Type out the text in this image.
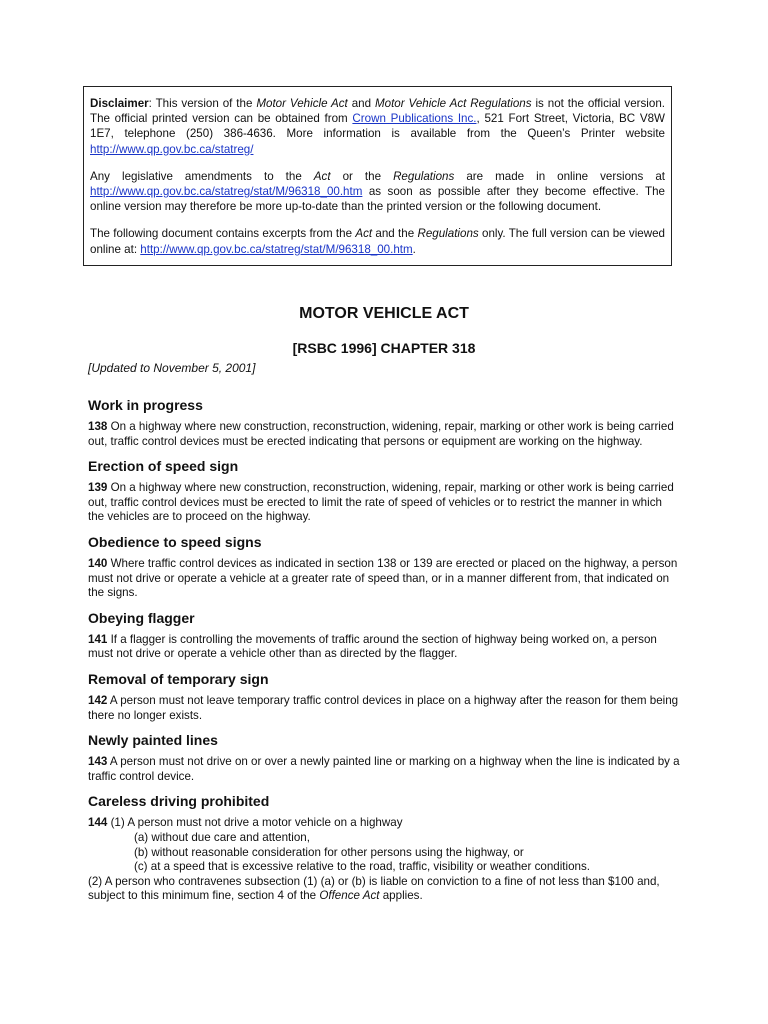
Disclaimer: This version of the Motor Vehicle Act and Motor Vehicle Act Regulations is not the official version. The official printed version can be obtained from Crown Publications Inc., 521 Fort Street, Victoria, BC V8W 1E7, telephone (250) 386-4636. More information is available from the Queen’s Printer website http://www.qp.gov.bc.ca/statreg/

Any legislative amendments to the Act or the Regulations are made in online versions at http://www.qp.gov.bc.ca/statreg/stat/M/96318_00.htm as soon as possible after they become effective. The online version may therefore be more up-to-date than the printed version or the following document.

The following document contains excerpts from the Act and the Regulations only. The full version can be viewed online at: http://www.qp.gov.bc.ca/statreg/stat/M/96318_00.htm.

MOTOR VEHICLE ACT
[RSBC 1996] CHAPTER 318
[Updated to November 5, 2001]
Work in progress

138 On a highway where new construction, reconstruction, widening, repair, marking or other work is being carried out, traffic control devices must be erected indicating that persons or equipment are working on the highway.

Erection of speed sign

139 On a highway where new construction, reconstruction, widening, repair, marking or other work is being carried out, traffic control devices must be erected to limit the rate of speed of vehicles or to restrict the manner in which the vehicles are to proceed on the highway.

Obedience to speed signs

140 Where traffic control devices as indicated in section 138 or 139 are erected or placed on the highway, a person must not drive or operate a vehicle at a greater rate of speed than, or in a manner different from, that indicated on the signs.

Obeying flagger

141 If a flagger is controlling the movements of traffic around the section of highway being worked on, a person must not drive or operate a vehicle other than as directed by the flagger.

Removal of temporary sign

142 A person must not leave temporary traffic control devices in place on a highway after the reason for them being there no longer exists.

Newly painted lines

143 A person must not drive on or over a newly painted line or marking on a highway when the line is indicated by a traffic control device.

Careless driving prohibited

144 (1) A person must not drive a motor vehicle on a highway
(a) without due care and attention,
(b) without reasonable consideration for other persons using the highway, or
(c) at a speed that is excessive relative to the road, traffic, visibility or weather conditions.
(2) A person who contravenes subsection (1) (a) or (b) is liable on conviction to a fine of not less than $100 and, subject to this minimum fine, section 4 of the Offence Act applies.
